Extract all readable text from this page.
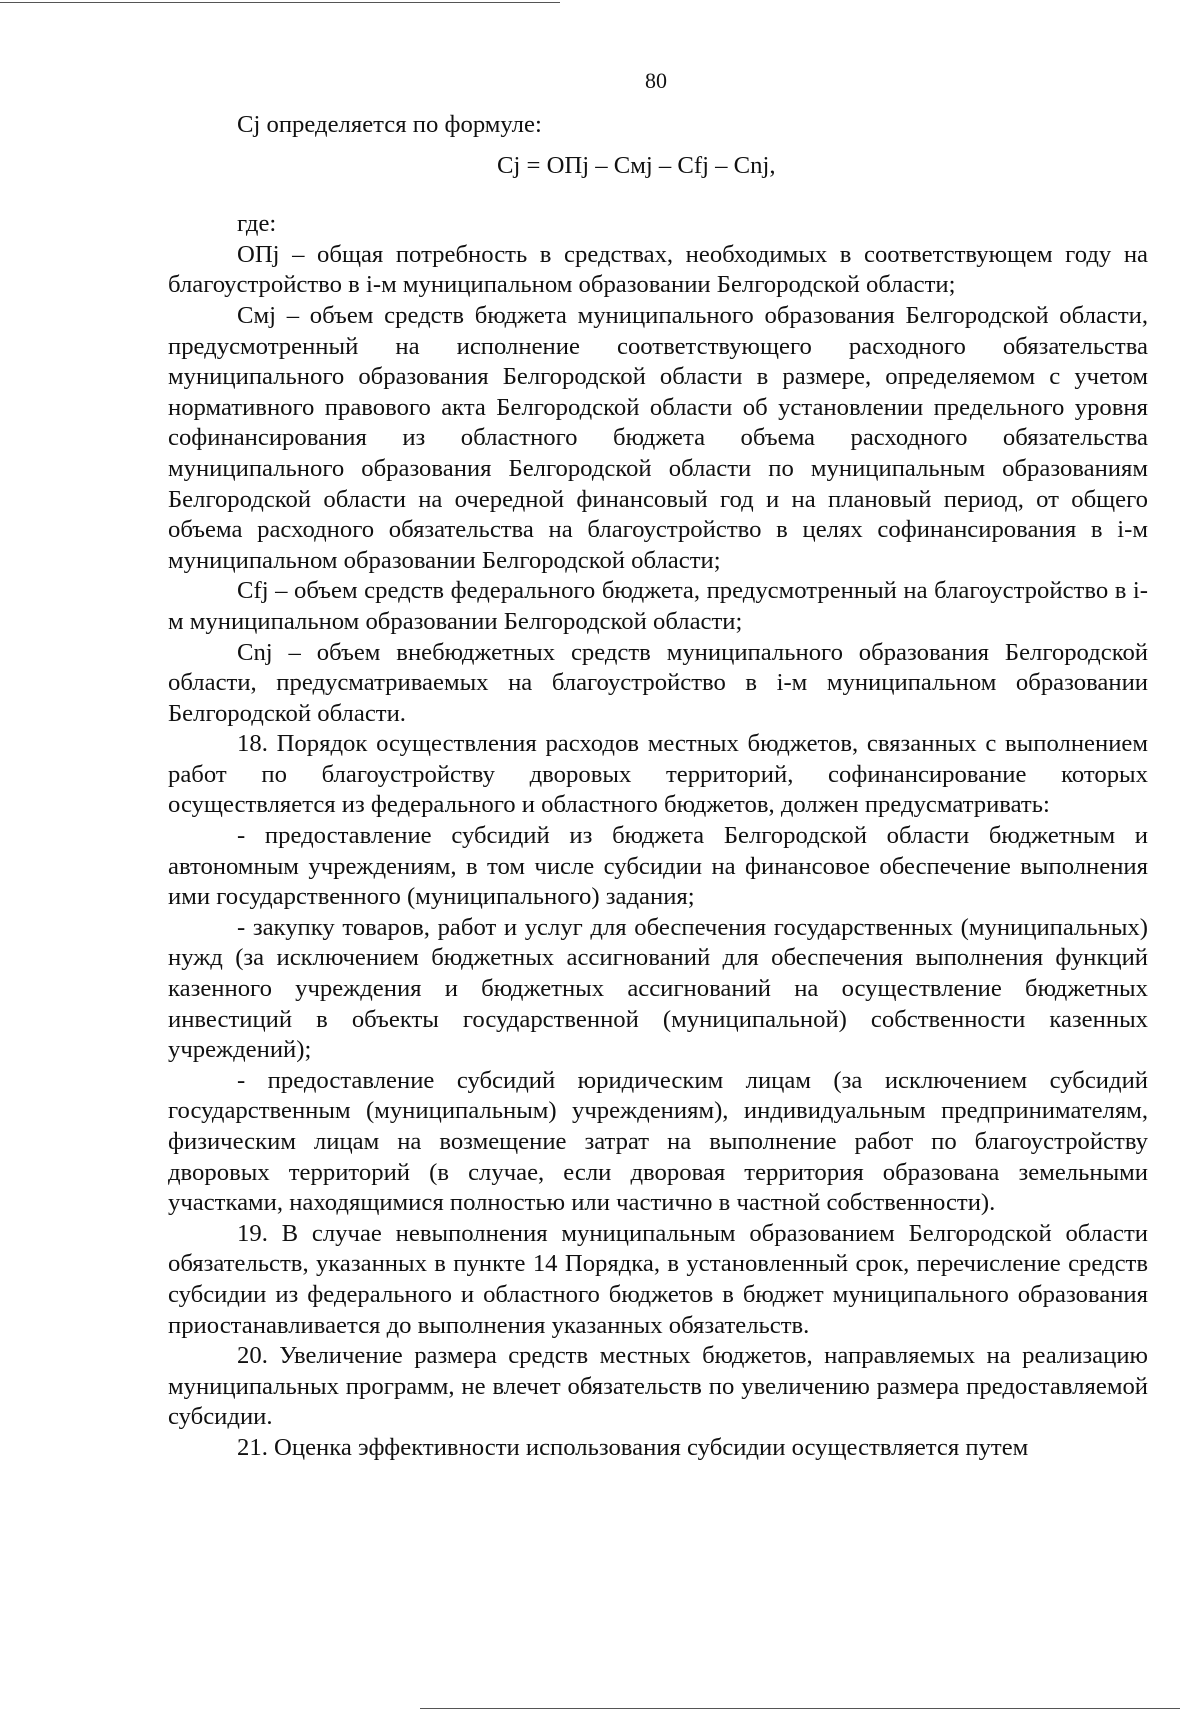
80

Cj определяется по формуле:

Cj = ОПj – Смj – Cfj – Cnj,

где:

ОПj – общая потребность в средствах, необходимых в соответствующем году на благоустройство в i-м муниципальном образовании Белгородской области;

Смj – объем средств бюджета муниципального образования Белгородской области, предусмотренный на исполнение соответствующего расходного обязательства муниципального образования Белгородской области в размере, определяемом с учетом нормативного правового акта Белгородской области об установлении предельного уровня софинансирования из областного бюджета объема расходного обязательства муниципального образования Белгородской области по муниципальным образованиям Белгородской области на очередной финансовый год и на плановый период, от общего объема расходного обязательства на благоустройство в целях софинансирования в i-м муниципальном образовании Белгородской области;

Cfj – объем средств федерального бюджета, предусмотренный на благоустройство в i-м муниципальном образовании Белгородской области;

Cnj – объем внебюджетных средств муниципального образования Белгородской области, предусматриваемых на благоустройство в i-м муниципальном образовании Белгородской области.

18. Порядок осуществления расходов местных бюджетов, связанных с выполнением работ по благоустройству дворовых территорий, софинансирование которых осуществляется из федерального и областного бюджетов, должен предусматривать:

- предоставление субсидий из бюджета Белгородской области бюджетным и автономным учреждениям, в том числе субсидии на финансовое обеспечение выполнения ими государственного (муниципального) задания;

- закупку товаров, работ и услуг для обеспечения государственных (муниципальных) нужд (за исключением бюджетных ассигнований для обеспечения выполнения функций казенного учреждения и бюджетных ассигнований на осуществление бюджетных инвестиций в объекты государственной (муниципальной) собственности казенных учреждений);

- предоставление субсидий юридическим лицам (за исключением субсидий государственным (муниципальным) учреждениям), индивидуальным предпринимателям, физическим лицам на возмещение затрат на выполнение работ по благоустройству дворовых территорий (в случае, если дворовая территория образована земельными участками, находящимися полностью или частично в частной собственности).

19. В случае невыполнения муниципальным образованием Белгородской области обязательств, указанных в пункте 14 Порядка, в установленный срок, перечисление средств субсидии из федерального и областного бюджетов в бюджет муниципального образования приостанавливается до выполнения указанных обязательств.

20. Увеличение размера средств местных бюджетов, направляемых на реализацию муниципальных программ, не влечет обязательств по увеличению размера предоставляемой субсидии.

21. Оценка эффективности использования субсидии осуществляется путем
